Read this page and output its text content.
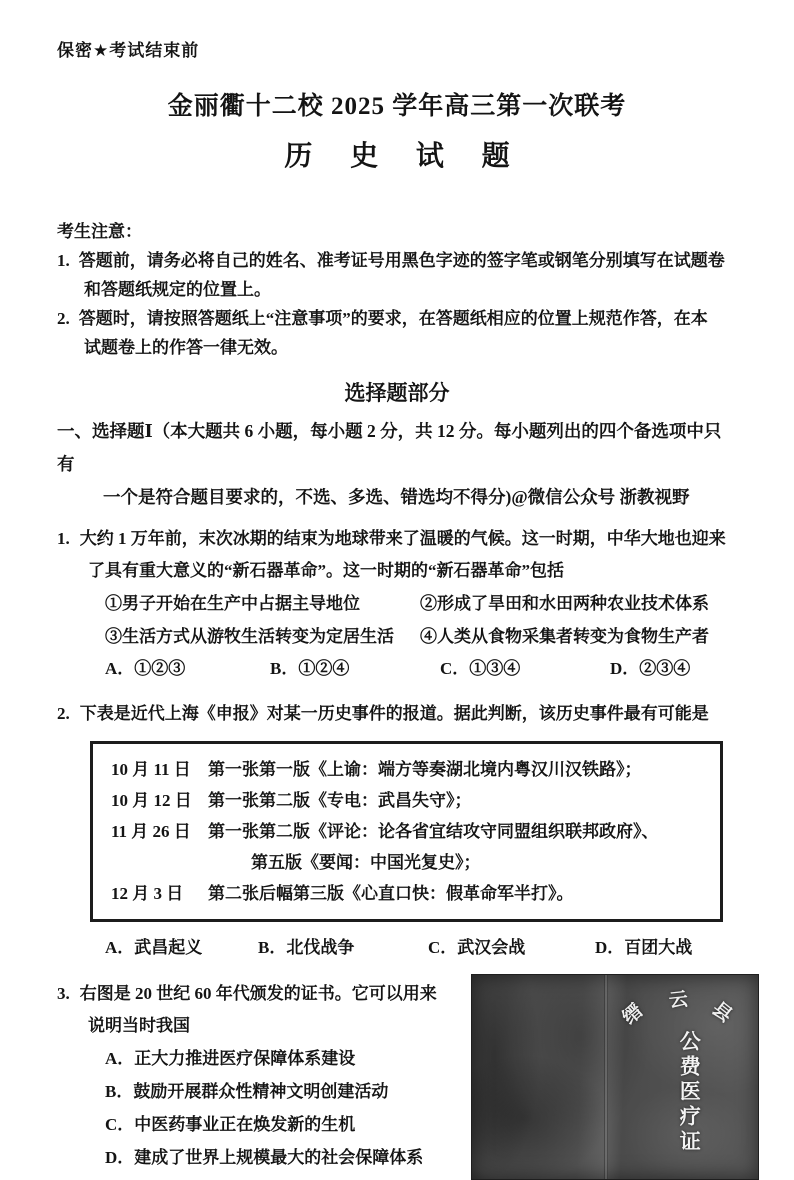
保密★考试结束前
金丽衢十二校 2025 学年高三第一次联考
历 史 试 题
考生注意：
1. 答题前，请务必将自己的姓名、准考证号用黑色字迹的签字笔或钢笔分别填写在试题卷
和答题纸规定的位置上。
2. 答题时，请按照答题纸上“注意事项”的要求，在答题纸相应的位置上规范作答，在本
试题卷上的作答一律无效。
选择题部分
一、选择题Ⅰ（本大题共 6 小题，每小题 2 分，共 12 分。每小题列出的四个备选项中只有
一个是符合题目要求的，不选、多选、错选均不得分)@微信公众号 浙教视野
1. 大约 1 万年前，末次冰期的结束为地球带来了温暖的气候。这一时期，中华大地也迎来
了具有重大意义的“新石器革命”。这一时期的“新石器革命”包括
①男子开始在生产中占据主导地位	②形成了旱田和水田两种农业技术体系
③生活方式从游牧生活转变为定居生活	④人类从食物采集者转变为食物生产者
A．①②③	B．①②④	C．①③④	D．②③④
2. 下表是近代上海《申报》对某一历史事件的报道。据此判断，该历史事件最有可能是
10 月 11 日	第一张第一版《上谕：端方等奏湖北境内粤汉川汉铁路》；
10 月 12 日 第一张第二版《专电：武昌失守》；
11 月 26 日	第一张第二版《评论：论各省宜结攻守同盟组织联邦政府》、
第五版《要闻：中国光复史》；
12 月 3 日	第二张后幅第三版《心直口快：假革命军半打》。
A．武昌起义	B．北伐战争	C．武汉会战	D．百团大战
3. 右图是 20 世纪 60 年代颁发的证书。它可以用来
说明当时我国
A．正大力推进医疗保障体系建设
B．鼓励开展群众性精神文明创建活动
C．中医药事业正在焕发新的生机
D．建成了世界上规模最大的社会保障体系
缙
云 县
公费医疗证
